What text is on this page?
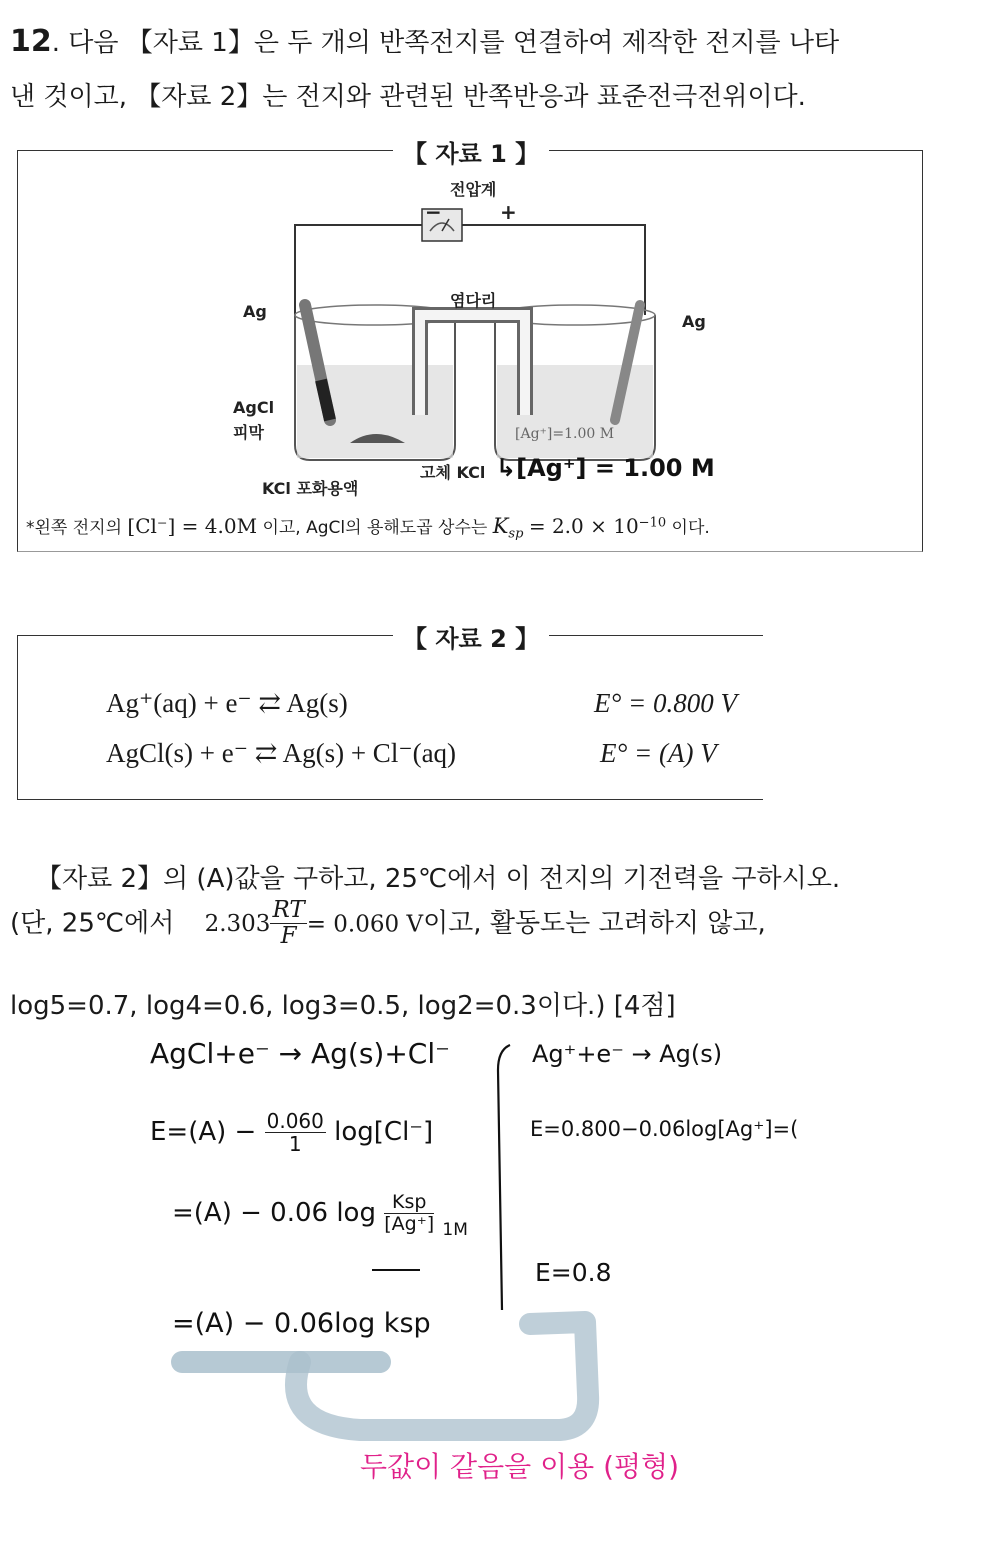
12. 다음 【자료 1】은 두 개의 반쪽전지를 연결하여 제작한 전지를 나타
낸 것이고, 【자료 2】는 전지와 관련된 반쪽반응과 표준전극전위이다.
【 자료 1 】
전압계
−	+
염다리
Ag
Ag
AgCl
피막
KCl 포화용액
고체 KCl
[Ag⁺]=1.00 M
↳[Ag⁺] = 1.00 M
*왼쪽 전지의 [Cl⁻] = 4.0M 이고, AgCl의 용해도곱 상수는 $K_{sp} = 2.0 \times 10^{-10}$ 이다.
【 자료 2 】
Ag⁺(aq) + e⁻ ⇄ Ag(s)	E° = 0.800 V
AgCl(s) + e⁻ ⇄ Ag(s) + Cl⁻(aq)	E° = (A) V
【자료 2】의 (A)값을 구하고, 25℃에서 이 전지의 기전력을 구하시오.
(단, 25℃에서 $2.303 \frac{RT}{F} = 0.060$ V이고, 활동도는 고려하지 않고,
log5=0.7, log4=0.6, log3=0.5, log2=0.3이다.) [4점]
AgCl+e⁻ → Ag(s)+Cl⁻
$E=(A) - \frac{0.060}{1} \log[Cl^-]$
=(A) − 0.06 $\log \frac{\text{Ksp}}{[Ag^+]} _{1M}$
=(A) − 0.06log ksp
Ag⁺+e⁻ → Ag(s)
E=0.800−0.06log[Ag⁺]=(
E=0.8
두값이 같음을 이용 (평형)
